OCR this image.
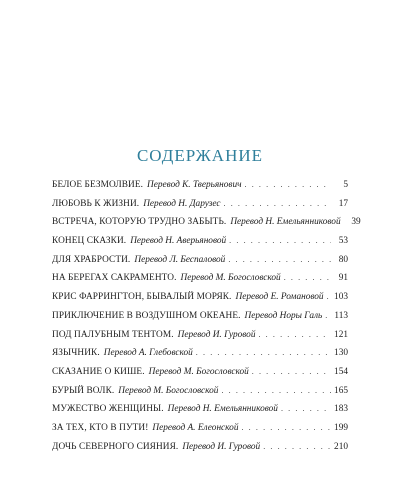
СОДЕРЖАНИЕ
БЕЛОЕ БЕЗМОЛВИЕ. Перевод К. Тверьянович . . .	5
ЛЮБОВЬ К ЖИЗНИ. Перевод Н. Дарузес . . .	17
ВСТРЕЧА, КОТОРУЮ ТРУДНО ЗАБЫТЬ. Перевод Н. Емельянниковой	39
КОНЕЦ СКАЗКИ. Перевод Н. Аверьяновой . . .	53
ДЛЯ ХРАБРОСТИ. Перевод Л. Беспаловой . . .	80
НА БЕРЕГАХ САКРАМЕНТО. Перевод М. Богословской . . .	91
КРИС ФАРРИНГТОН, БЫВАЛЫЙ МОРЯК. Перевод Е. Романовой . . . 103
ПРИКЛЮЧЕНИЕ В ВОЗДУШНОМ ОКЕАНЕ. Перевод Норы Галь . . . 113
ПОД ПАЛУБНЫМ ТЕНТОМ. Перевод И. Гуровой . . .	121
ЯЗЫЧНИК. Перевод А. Глебовской . . .	130
СКАЗАНИЕ О КИШЕ. Перевод М. Богословской . . .	154
БУРЫЙ ВОЛК. Перевод М. Богословской . . .	165
МУЖЕСТВО ЖЕНЩИНЫ. Перевод Н. Емельянниковой . . .	183
ЗА ТЕХ, КТО В ПУТИ! Перевод А. Елеонской . . .	199
ДОЧЬ СЕВЕРНОГО СИЯНИЯ. Перевод И. Гуровой . . .	210
